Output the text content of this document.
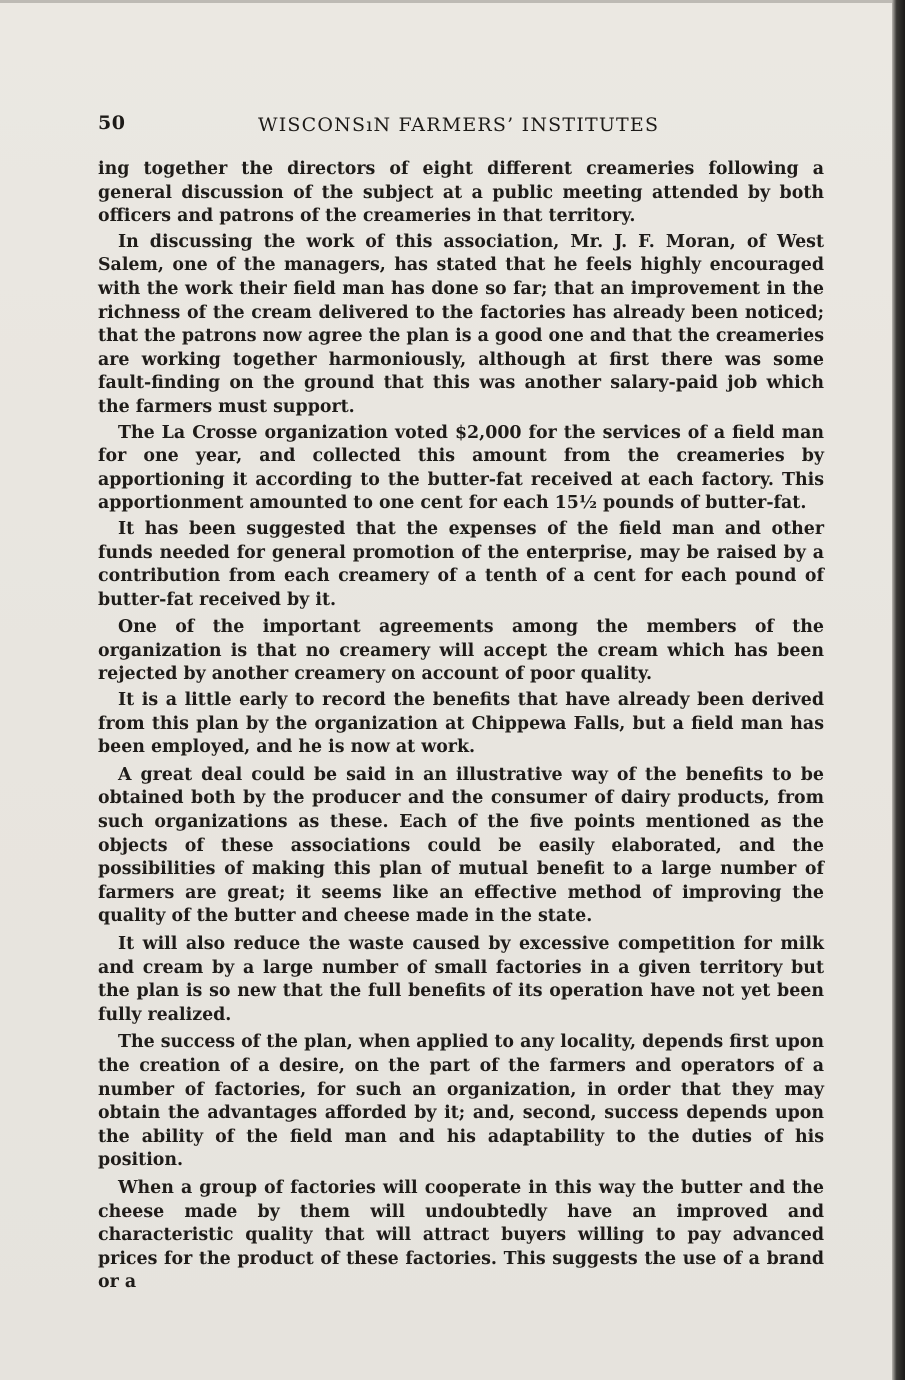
50	WISCONSıN FARMERS’ INSTITUTES

ing together the directors of eight different creameries following a general discussion of the subject at a public meeting attended by both officers and patrons of the creameries in that territory.

In discussing the work of this association, Mr. J. F. Moran, of West Salem, one of the managers, has stated that he feels highly encouraged with the work their field man has done so far; that an improvement in the richness of the cream delivered to the factories has already been noticed; that the patrons now agree the plan is a good one and that the creameries are working together harmoniously, although at first there was some fault-finding on the ground that this was another salary-paid job which the farmers must support.

The La Crosse organization voted $2,000 for the services of a field man for one year, and collected this amount from the creameries by apportioning it according to the butter-fat received at each factory. This apportionment amounted to one cent for each 15½ pounds of butter-fat.

It has been suggested that the expenses of the field man and other funds needed for general promotion of the enterprise, may be raised by a contribution from each creamery of a tenth of a cent for each pound of butter-fat received by it.

One of the important agreements among the members of the organization is that no creamery will accept the cream which has been rejected by another creamery on account of poor quality.

It is a little early to record the benefits that have already been derived from this plan by the organization at Chippewa Falls, but a field man has been employed, and he is now at work.

A great deal could be said in an illustrative way of the benefits to be obtained both by the producer and the consumer of dairy products, from such organizations as these. Each of the five points mentioned as the objects of these associations could be easily elaborated, and the possibilities of making this plan of mutual benefit to a large number of farmers are great; it seems like an effective method of improving the quality of the butter and cheese made in the state.

It will also reduce the waste caused by excessive competition for milk and cream by a large number of small factories in a given territory but the plan is so new that the full benefits of its operation have not yet been fully realized.

The success of the plan, when applied to any locality, depends first upon the creation of a desire, on the part of the farmers and operators of a number of factories, for such an organization, in order that they may obtain the advantages afforded by it; and, second, success depends upon the ability of the field man and his adaptability to the duties of his position.

When a group of factories will cooperate in this way the butter and the cheese made by them will undoubtedly have an improved and characteristic quality that will attract buyers willing to pay advanced prices for the product of these factories. This suggests the use of a brand or a
